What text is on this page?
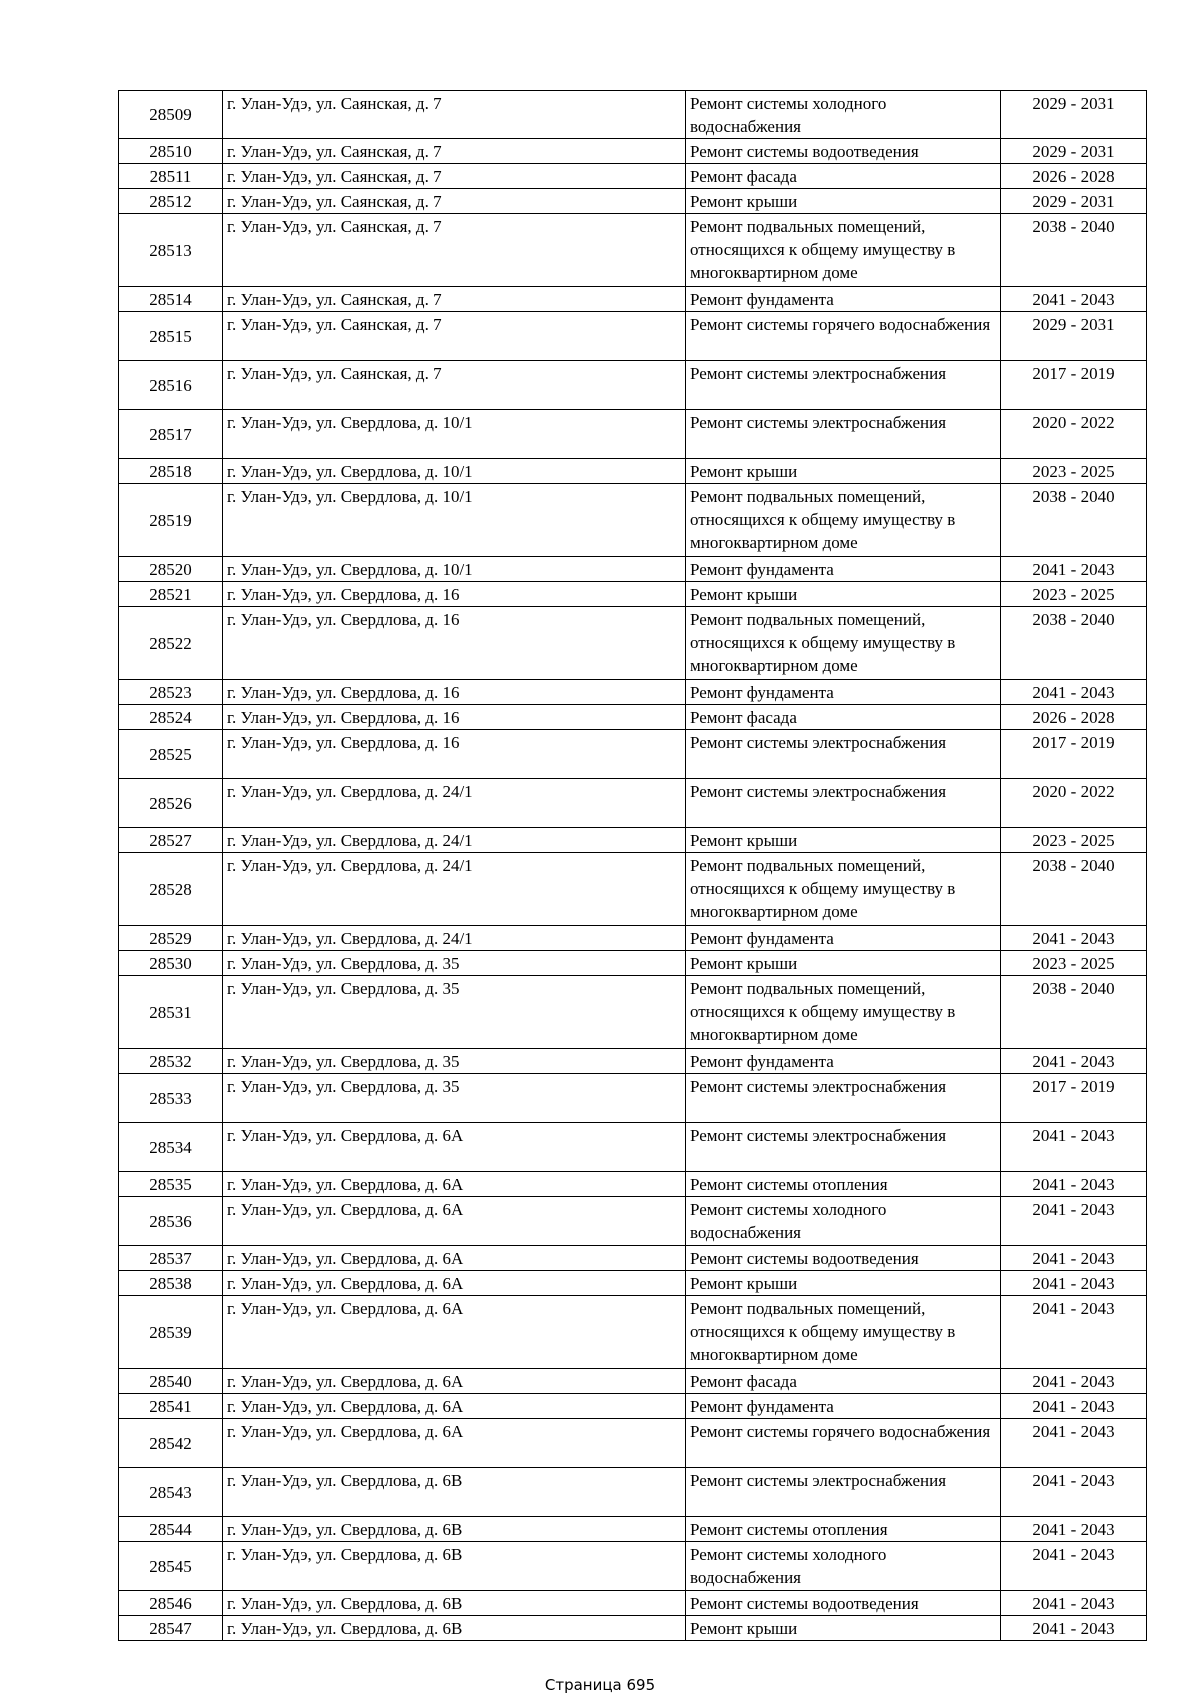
28509	г. Улан-Удэ, ул. Саянская, д. 7	Ремонт системы холодного водоснабжения	2029 - 2031
28510	г. Улан-Удэ, ул. Саянская, д. 7	Ремонт системы водоотведения	2029 - 2031
28511	г. Улан-Удэ, ул. Саянская, д. 7	Ремонт фасада	2026 - 2028
28512	г. Улан-Удэ, ул. Саянская, д. 7	Ремонт крыши	2029 - 2031
28513	г. Улан-Удэ, ул. Саянская, д. 7	Ремонт подвальных помещений, относящихся к общему имуществу в многоквартирном доме	2038 - 2040
28514	г. Улан-Удэ, ул. Саянская, д. 7	Ремонт фундамента	2041 - 2043
28515	г. Улан-Удэ, ул. Саянская, д. 7	Ремонт системы горячего водоснабжения	2029 - 2031
28516	г. Улан-Удэ, ул. Саянская, д. 7	Ремонт системы электроснабжения	2017 - 2019
28517	г. Улан-Удэ, ул. Свердлова, д. 10/1	Ремонт системы электроснабжения	2020 - 2022
28518	г. Улан-Удэ, ул. Свердлова, д. 10/1	Ремонт крыши	2023 - 2025
28519	г. Улан-Удэ, ул. Свердлова, д. 10/1	Ремонт подвальных помещений, относящихся к общему имуществу в многоквартирном доме	2038 - 2040
28520	г. Улан-Удэ, ул. Свердлова, д. 10/1	Ремонт фундамента	2041 - 2043
28521	г. Улан-Удэ, ул. Свердлова, д. 16	Ремонт крыши	2023 - 2025
28522	г. Улан-Удэ, ул. Свердлова, д. 16	Ремонт подвальных помещений, относящихся к общему имуществу в многоквартирном доме	2038 - 2040
28523	г. Улан-Удэ, ул. Свердлова, д. 16	Ремонт фундамента	2041 - 2043
28524	г. Улан-Удэ, ул. Свердлова, д. 16	Ремонт фасада	2026 - 2028
28525	г. Улан-Удэ, ул. Свердлова, д. 16	Ремонт системы электроснабжения	2017 - 2019
28526	г. Улан-Удэ, ул. Свердлова, д. 24/1	Ремонт системы электроснабжения	2020 - 2022
28527	г. Улан-Удэ, ул. Свердлова, д. 24/1	Ремонт крыши	2023 - 2025
28528	г. Улан-Удэ, ул. Свердлова, д. 24/1	Ремонт подвальных помещений, относящихся к общему имуществу в многоквартирном доме	2038 - 2040
28529	г. Улан-Удэ, ул. Свердлова, д. 24/1	Ремонт фундамента	2041 - 2043
28530	г. Улан-Удэ, ул. Свердлова, д. 35	Ремонт крыши	2023 - 2025
28531	г. Улан-Удэ, ул. Свердлова, д. 35	Ремонт подвальных помещений, относящихся к общему имуществу в многоквартирном доме	2038 - 2040
28532	г. Улан-Удэ, ул. Свердлова, д. 35	Ремонт фундамента	2041 - 2043
28533	г. Улан-Удэ, ул. Свердлова, д. 35	Ремонт системы электроснабжения	2017 - 2019
28534	г. Улан-Удэ, ул. Свердлова, д. 6А	Ремонт системы электроснабжения	2041 - 2043
28535	г. Улан-Удэ, ул. Свердлова, д. 6А	Ремонт системы отопления	2041 - 2043
28536	г. Улан-Удэ, ул. Свердлова, д. 6А	Ремонт системы холодного водоснабжения	2041 - 2043
28537	г. Улан-Удэ, ул. Свердлова, д. 6А	Ремонт системы водоотведения	2041 - 2043
28538	г. Улан-Удэ, ул. Свердлова, д. 6А	Ремонт крыши	2041 - 2043
28539	г. Улан-Удэ, ул. Свердлова, д. 6А	Ремонт подвальных помещений, относящихся к общему имуществу в многоквартирном доме	2041 - 2043
28540	г. Улан-Удэ, ул. Свердлова, д. 6А	Ремонт фасада	2041 - 2043
28541	г. Улан-Удэ, ул. Свердлова, д. 6А	Ремонт фундамента	2041 - 2043
28542	г. Улан-Удэ, ул. Свердлова, д. 6А	Ремонт системы горячего водоснабжения	2041 - 2043
28543	г. Улан-Удэ, ул. Свердлова, д. 6В	Ремонт системы электроснабжения	2041 - 2043
28544	г. Улан-Удэ, ул. Свердлова, д. 6В	Ремонт системы отопления	2041 - 2043
28545	г. Улан-Удэ, ул. Свердлова, д. 6В	Ремонт системы холодного водоснабжения	2041 - 2043
28546	г. Улан-Удэ, ул. Свердлова, д. 6В	Ремонт системы водоотведения	2041 - 2043
28547	г. Улан-Удэ, ул. Свердлова, д. 6В	Ремонт крыши	2041 - 2043
Страница 695
